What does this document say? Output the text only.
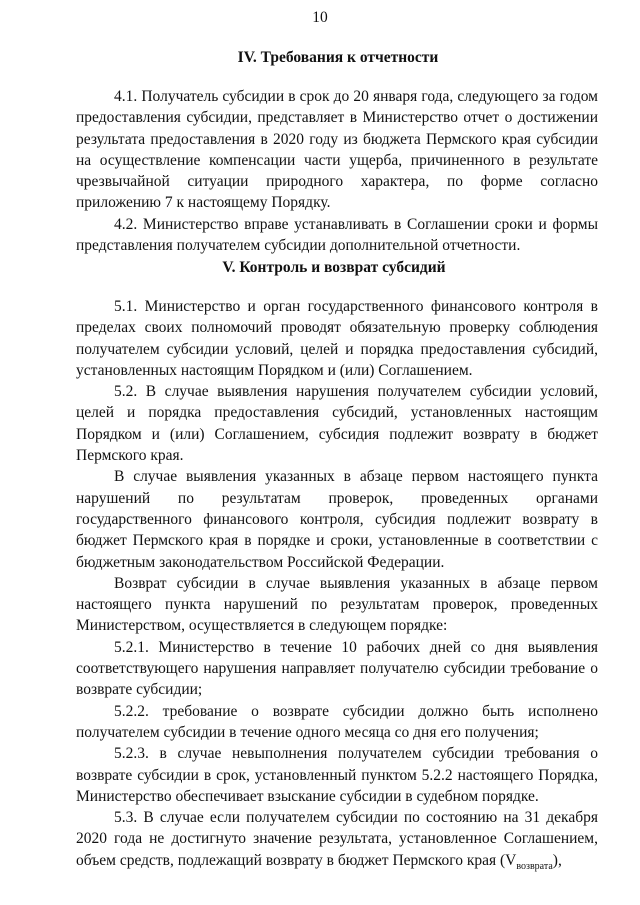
10
IV. Требования к отчетности

4.1. Получатель субсидии в срок до 20 января года, следующего за годом предоставления субсидии, представляет в Министерство отчет о достижении результата предоставления в 2020 году из бюджета Пермского края субсидии на осуществление компенсации части ущерба, причиненного в результате чрезвычайной ситуации природного характера, по форме согласно приложению 7 к настоящему Порядку.

4.2. Министерство вправе устанавливать в Соглашении сроки и формы представления получателем субсидии дополнительной отчетности.

V. Контроль и возврат субсидий

5.1. Министерство и орган государственного финансового контроля в пределах своих полномочий проводят обязательную проверку соблюдения получателем субсидии условий, целей и порядка предоставления субсидий, установленных настоящим Порядком и (или) Соглашением.

5.2. В случае выявления нарушения получателем субсидии условий, целей и порядка предоставления субсидий, установленных настоящим Порядком и (или) Соглашением, субсидия подлежит возврату в бюджет Пермского края.

В случае выявления указанных в абзаце первом настоящего пункта нарушений по результатам проверок, проведенных органами государственного финансового контроля, субсидия подлежит возврату в бюджет Пермского края в порядке и сроки, установленные в соответствии с бюджетным законодательством Российской Федерации.

Возврат субсидии в случае выявления указанных в абзаце первом настоящего пункта нарушений по результатам проверок, проведенных Министерством, осуществляется в следующем порядке:

5.2.1. Министерство в течение 10 рабочих дней со дня выявления соответствующего нарушения направляет получателю субсидии требование о возврате субсидии;

5.2.2. требование о возврате субсидии должно быть исполнено получателем субсидии в течение одного месяца со дня его получения;

5.2.3. в случае невыполнения получателем субсидии требования о возврате субсидии в срок, установленный пунктом 5.2.2 настоящего Порядка, Министерство обеспечивает взыскание субсидии в судебном порядке.

5.3. В случае если получателем субсидии по состоянию на 31 декабря 2020 года не достигнуто значение результата, установленное Соглашением, объем средств, подлежащий возврату в бюджет Пермского края $(V_{возврата})$,
